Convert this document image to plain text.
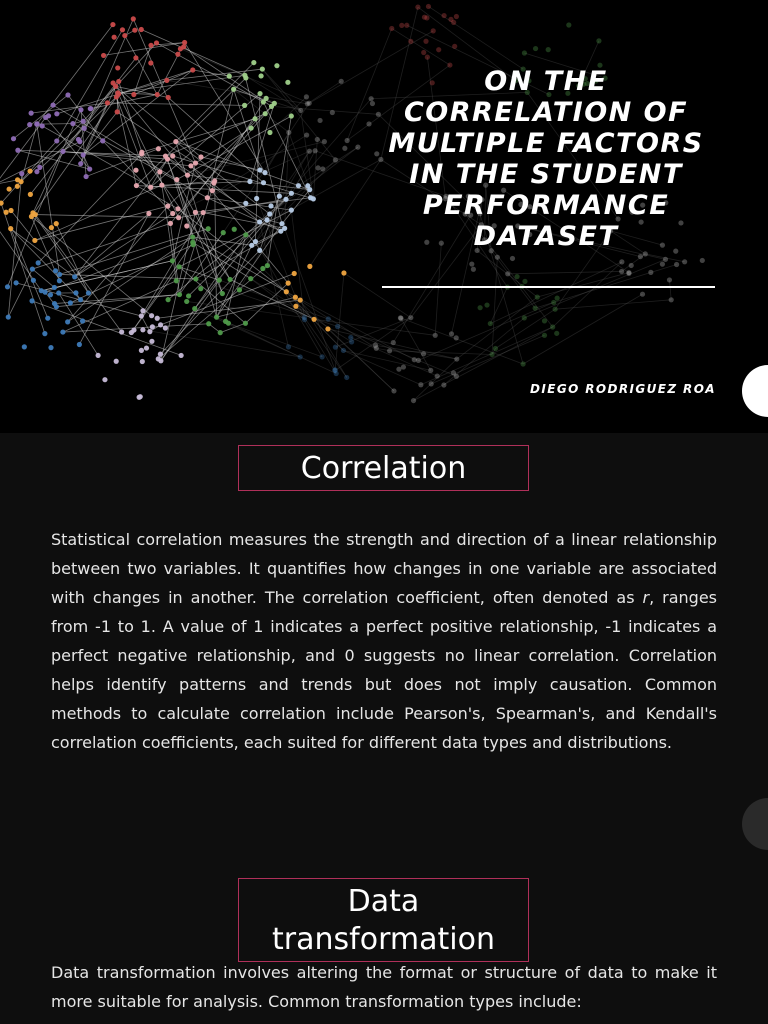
ON THE CORRELATION OF MULTIPLE FACTORS IN THE STUDENT PERFORMANCE DATASET
DIEGO RODRIGUEZ ROA
Correlation

Statistical correlation measures the strength and direction of a linear relationship between two variables. It quantifies how changes in one variable are associated with changes in another. The correlation coefficient, often denoted as r, ranges from -1 to 1. A value of 1 indicates a perfect positive relationship, -1 indicates a perfect negative relationship, and 0 suggests no linear correlation. Correlation helps identify patterns and trends but does not imply causation. Common methods to calculate correlation include Pearson's, Spearman's, and Kendall's correlation coefficients, each suited for different data types and distributions.

Data transformation

Data transformation involves altering the format or structure of data to make it more suitable for analysis. Common transformation types include:
